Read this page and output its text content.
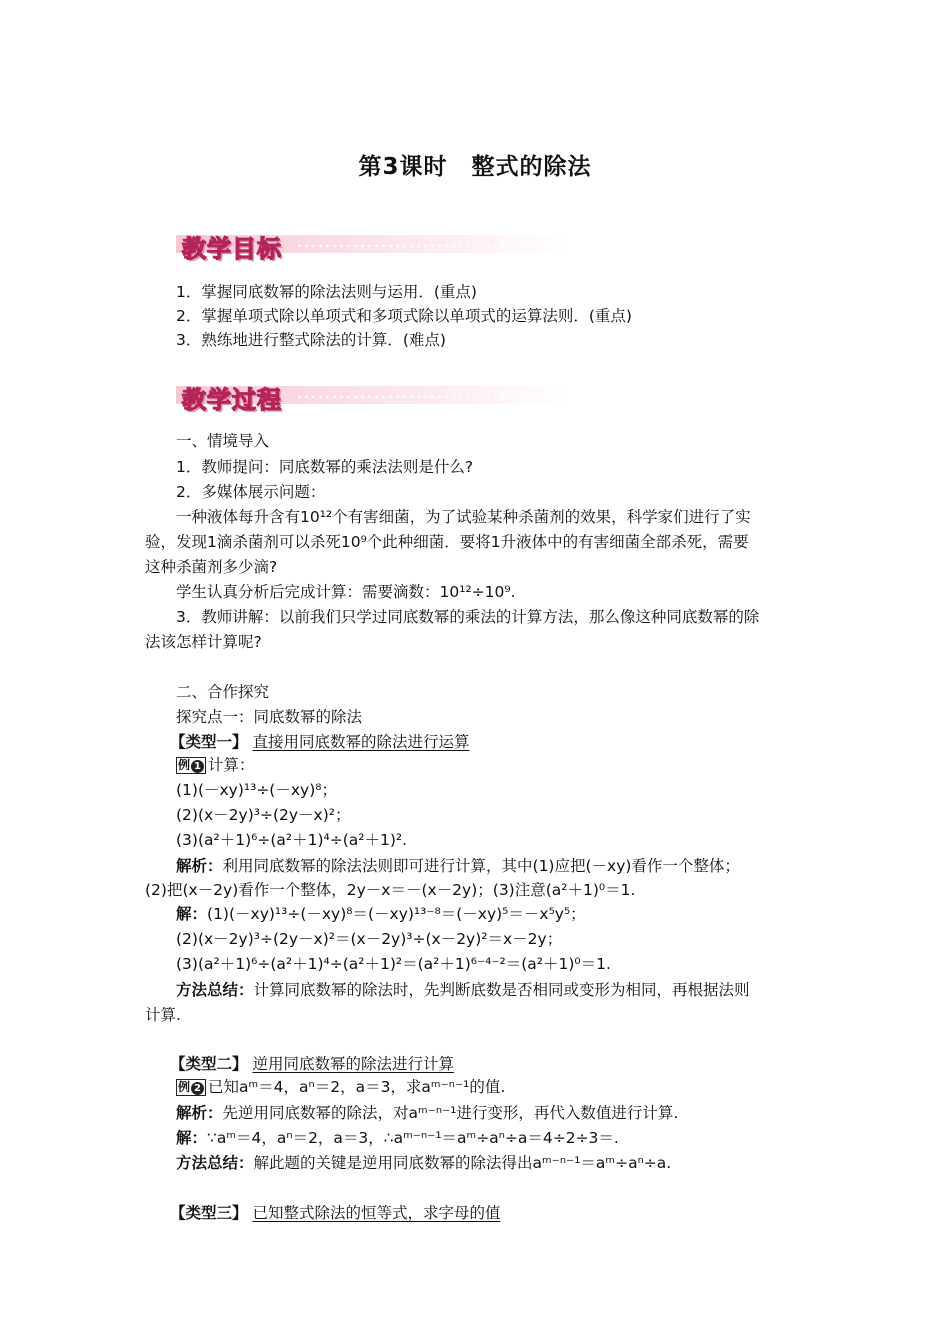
第3课时　整式的除法
教学目标
1．掌握同底数幂的除法法则与运用．(重点)
2．掌握单项式除以单项式和多项式除以单项式的运算法则．(重点)
3．熟练地进行整式除法的计算．(难点)
教学过程
一、情境导入
1．教师提问：同底数幂的乘法法则是什么?
2．多媒体展示问题：
一种液体每升含有10¹²个有害细菌，为了试验某种杀菌剂的效果，科学家们进行了实
验，发现1滴杀菌剂可以杀死10⁹个此种细菌．要将1升液体中的有害细菌全部杀死，需要
这种杀菌剂多少滴?
学生认真分析后完成计算：需要滴数：10¹²÷10⁹.
3．教师讲解：以前我们只学过同底数幂的乘法的计算方法，那么像这种同底数幂的除
法该怎样计算呢?
二、合作探究
探究点一：同底数幂的除法
【类型一】 直接用同底数幂的除法进行运算
例 1 计算：
(1)(－xy)¹³÷(－xy)⁸；
(2)(x－2y)³÷(2y－x)²；
(3)(a²＋1)⁶÷(a²＋1)⁴÷(a²＋1)².
解析：利用同底数幂的除法法则即可进行计算，其中(1)应把(－xy)看作一个整体；
(2)把(x－2y)看作一个整体，2y－x＝－(x－2y)；(3)注意(a²＋1)⁰＝1.
解：(1)(－xy)¹³÷(－xy)⁸＝(－xy)¹³⁻⁸＝(－xy)⁵＝－x⁵y⁵；
(2)(x－2y)³÷(2y－x)²＝(x－2y)³÷(x－2y)²＝x－2y；
(3)(a²＋1)⁶÷(a²＋1)⁴÷(a²＋1)²＝(a²＋1)⁶⁻⁴⁻²＝(a²＋1)⁰＝1.
方法总结：计算同底数幂的除法时，先判断底数是否相同或变形为相同，再根据法则
计算.
【类型二】 逆用同底数幂的除法进行计算
例 2 已知aᵐ＝4，aⁿ＝2，a＝3，求aᵐ⁻ⁿ⁻¹的值.
解析：先逆用同底数幂的除法，对aᵐ⁻ⁿ⁻¹进行变形，再代入数值进行计算.
解：∵aᵐ＝4，aⁿ＝2，a＝3，∴aᵐ⁻ⁿ⁻¹＝aᵐ÷aⁿ÷a＝4÷2÷3＝.
方法总结：解此题的关键是逆用同底数幂的除法得出aᵐ⁻ⁿ⁻¹＝aᵐ÷aⁿ÷a.
【类型三】 已知整式除法的恒等式，求字母的值
